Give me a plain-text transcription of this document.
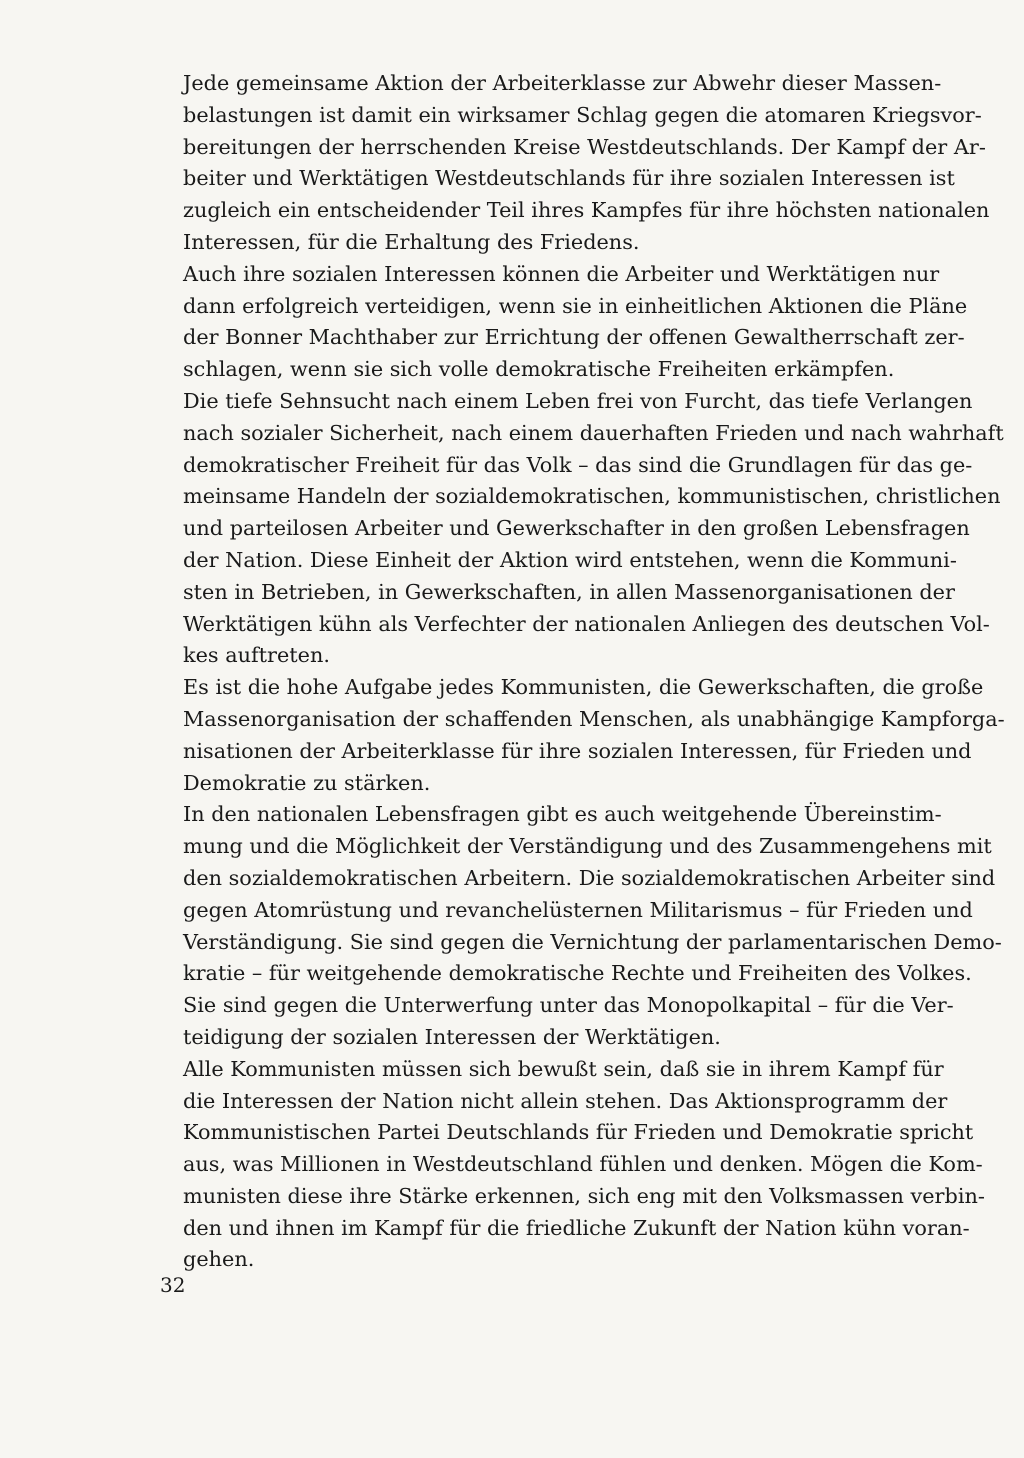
Jede gemeinsame Aktion der Arbeiterklasse zur Abwehr dieser Massen-
belastungen ist damit ein wirksamer Schlag gegen die atomaren Kriegsvor-
bereitungen der herrschenden Kreise Westdeutschlands. Der Kampf der Ar-
beiter und Werktätigen Westdeutschlands für ihre sozialen Interessen ist
zugleich ein entscheidender Teil ihres Kampfes für ihre höchsten nationalen
Interessen, für die Erhaltung des Friedens.

Auch ihre sozialen Interessen können die Arbeiter und Werktätigen nur
dann erfolgreich verteidigen, wenn sie in einheitlichen Aktionen die Pläne
der Bonner Machthaber zur Errichtung der offenen Gewaltherrschaft zer-
schlagen, wenn sie sich volle demokratische Freiheiten erkämpfen.

Die tiefe Sehnsucht nach einem Leben frei von Furcht, das tiefe Verlangen
nach sozialer Sicherheit, nach einem dauerhaften Frieden und nach wahrhaft
demokratischer Freiheit für das Volk – das sind die Grundlagen für das ge-
meinsame Handeln der sozialdemokratischen, kommunistischen, christlichen
und parteilosen Arbeiter und Gewerkschafter in den großen Lebensfragen
der Nation. Diese Einheit der Aktion wird entstehen, wenn die Kommuni-
sten in Betrieben, in Gewerkschaften, in allen Massenorganisationen der
Werktätigen kühn als Verfechter der nationalen Anliegen des deutschen Vol-
kes auftreten.

Es ist die hohe Aufgabe jedes Kommunisten, die Gewerkschaften, die große
Massenorganisation der schaffenden Menschen, als unabhängige Kampforga-
nisationen der Arbeiterklasse für ihre sozialen Interessen, für Frieden und
Demokratie zu stärken.

In den nationalen Lebensfragen gibt es auch weitgehende Übereinstim-
mung und die Möglichkeit der Verständigung und des Zusammengehens mit
den sozialdemokratischen Arbeitern. Die sozialdemokratischen Arbeiter sind
gegen Atomrüstung und revanchelüsternen Militarismus – für Frieden und
Verständigung. Sie sind gegen die Vernichtung der parlamentarischen Demo-
kratie – für weitgehende demokratische Rechte und Freiheiten des Volkes.
Sie sind gegen die Unterwerfung unter das Monopolkapital – für die Ver-
teidigung der sozialen Interessen der Werktätigen.

Alle Kommunisten müssen sich bewußt sein, daß sie in ihrem Kampf für
die Interessen der Nation nicht allein stehen. Das Aktionsprogramm der
Kommunistischen Partei Deutschlands für Frieden und Demokratie spricht
aus, was Millionen in Westdeutschland fühlen und denken. Mögen die Kom-
munisten diese ihre Stärke erkennen, sich eng mit den Volksmassen verbin-
den und ihnen im Kampf für die friedliche Zukunft der Nation kühn voran-
gehen.

32
